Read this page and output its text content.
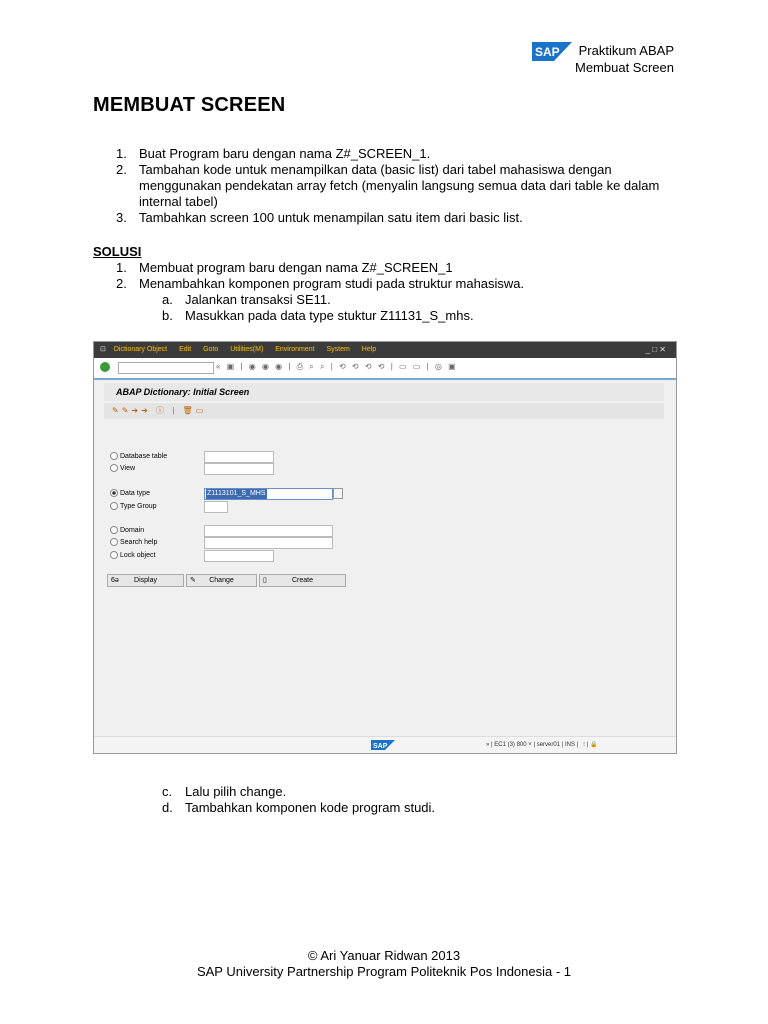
SAP Praktikum ABAP
Membuat Screen
MEMBUAT SCREEN
1. Buat Program baru dengan nama Z#_SCREEN_1.
2. Tambahan kode untuk menampilkan data (basic list) dari tabel mahasiswa dengan
menggunakan pendekatan array fetch (menyalin langsung semua data dari table ke dalam
internal tabel)
3. Tambahkan screen 100 untuk menampilan satu item dari basic list.
SOLUSI
1. Membuat program baru dengan nama Z#_SCREEN_1
2. Menambahkan komponen program studi pada struktur mahasiswa.
a. Jalankan transaksi SE11.
b. Masukkan pada data type stuktur Z11131_S_mhs.
⊡ Dictionary Object Edit Goto Utilities(M) Environment System Help	_ □ ✕
« ▣ | ◉ ◉ ◉ | ⎙ ⌕ ⌕ | ⟲ ⟲ ⟲ ⟲ | ▭ ▭ | ◎ ▣
ABAP Dictionary: Initial Screen
✎✎➔➔ ⓘ | 🗑▭
Database table
View
Data type	Z1113101_S_MHS
Type Group
Domain
Search help
Lock object
6ə Display	✎ Change	▯	Create
SAP	» | EC1 (3) 800 ˅ | server01 | INS |   ⁝ | 🔒
c. Lalu pilih change.
d. Tambahkan komponen kode program studi.
© Ari Yanuar Ridwan 2013
SAP University Partnership Program Politeknik Pos Indonesia - 1
